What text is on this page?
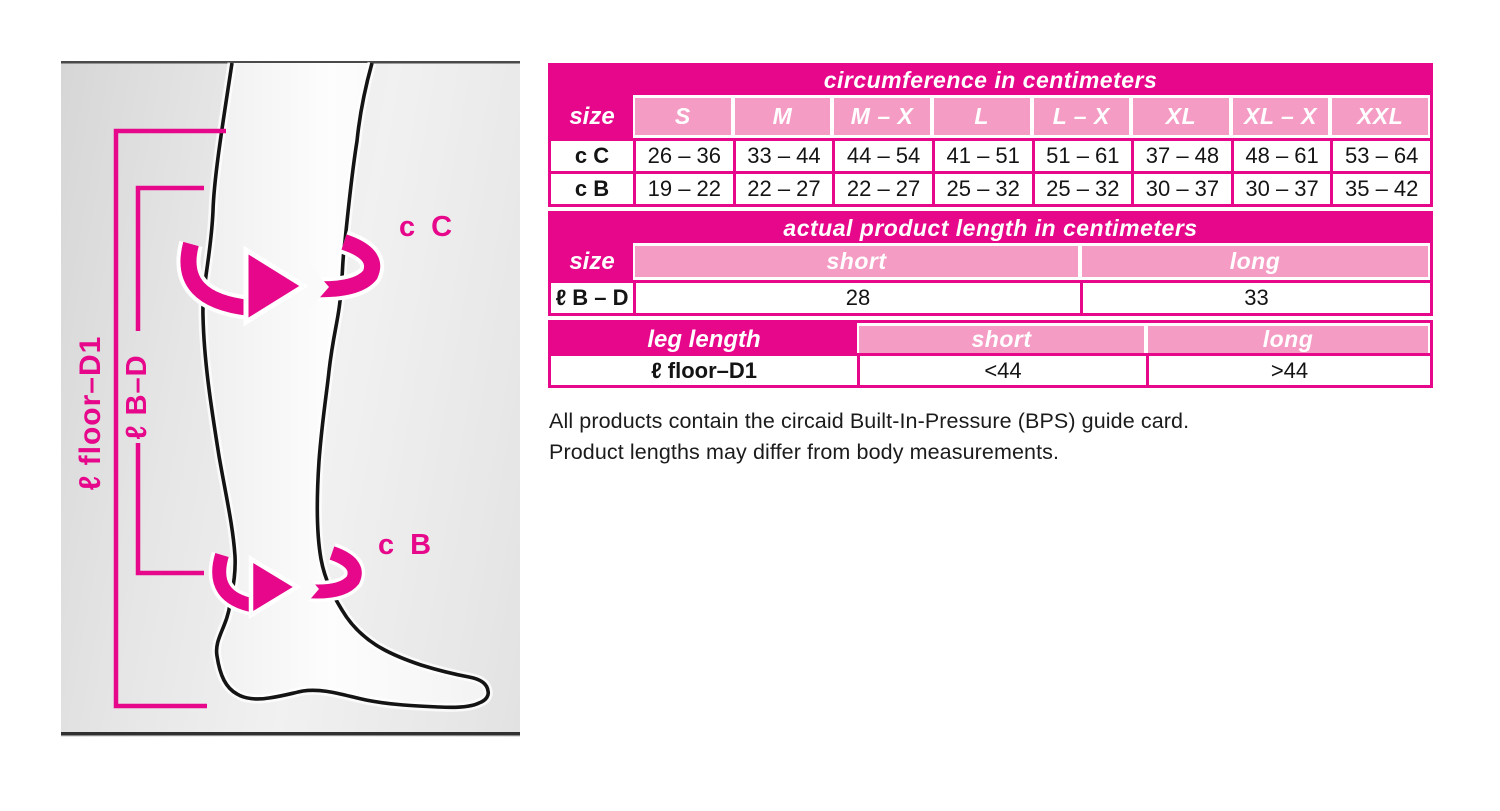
ℓ floor–D1 ℓ B–D
c C
c B
circumference in centimeters
size	S	M	M – X	L	L – X	XL	XL – X	XXL
c C	26 – 36	33 – 44	44 – 54	41 – 51	51 – 61	37 – 48	48 – 61	53 – 64
c B	19 – 22	22 – 27	22 – 27	25 – 32	25 – 32	30 – 37	30 – 37	35 – 42
actual product length in centimeters
size	short	long
ℓ B – D	28	33
leg length	short	long
ℓ floor–D1	<44	>44
All products contain the circaid Built-In-Pressure (BPS) guide card.
Product lengths may differ from body measurements.
